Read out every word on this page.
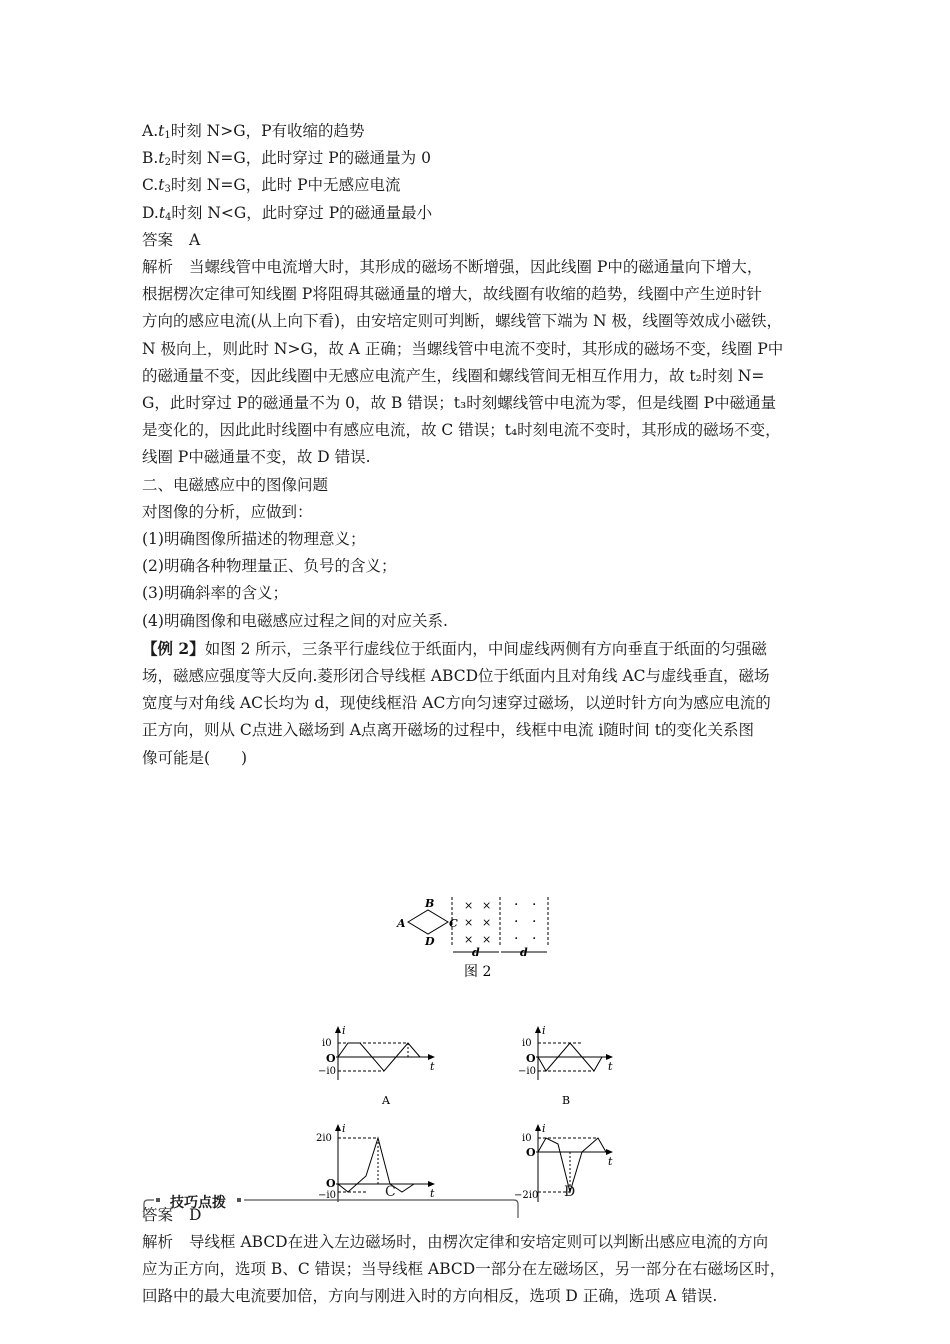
$A.t_1$时刻 N>G，P有收缩的趋势
$B.t_2$时刻 N=G，此时穿过 P的磁通量为 0
$C.t_3$时刻 N=G，此时 P中无感应电流
$D.t_4$时刻 N<G，此时穿过 P的磁通量最小
答案 A
解析 当螺线管中电流增大时，其形成的磁场不断增强，因此线圈 P中的磁通量向下增大，
根据楞次定律可知线圈 P将阻碍其磁通量的增大，故线圈有收缩的趋势，线圈中产生逆时针
方向的感应电流(从上向下看)，由安培定则可判断，螺线管下端为 N 极，线圈等效成小磁铁，
N 极向上，则此时 N>G，故 A 正确；当螺线管中电流不变时，其形成的磁场不变，线圈 P中
的磁通量不变，因此线圈中无感应电流产生，线圈和螺线管间无相互作用力，故 t₂时刻 N=
G，此时穿过 P的磁通量不为 0，故 B 错误；t₃时刻螺线管中电流为零，但是线圈 P中磁通量
是变化的，因此此时线圈中有感应电流，故 C 错误；t₄时刻电流不变时，其形成的磁场不变，
线圈 P中磁通量不变，故 D 错误.
二、电磁感应中的图像问题
对图像的分析，应做到：
(1)明确图像所描述的物理意义；
(2)明确各种物理量正、负号的含义；
(3)明确斜率的含义；
(4)明确图像和电磁感应过程之间的对应关系.
【例 2】如图 2 所示，三条平行虚线位于纸面内，中间虚线两侧有方向垂直于纸面的匀强磁
场，磁感应强度等大反向.菱形闭合导线框 ABCD位于纸面内且对角线 AC与虚线垂直，磁场
宽度与对角线 AC长均为 d，现使线框沿 AC方向匀速穿过磁场，以逆时针方向为感应电流的
正方向，则从 C点进入磁场到 A点离开磁场的过程中，线框中电流 i随时间 t的变化关系图
像可能是(　　)
A
B
C
D
× ×
× ×
× ×
· ·
· ·
· ·
d	d
图 2
i
t
O
i0
−i0
A
i
t
O
i0
−i0
B
i
t
O
2i0
−i0
i
t
O
i0
−2i0
C	D
答案 D
解析 导线框 ABCD在进入左边磁场时，由楞次定律和安培定则可以判断出感应电流的方向
应为正方向，选项 B、C 错误；当导线框 ABCD一部分在左磁场区，另一部分在右磁场区时，
回路中的最大电流要加倍，方向与刚进入时的方向相反，选项 D 正确，选项 A 错误.
技巧点拨
